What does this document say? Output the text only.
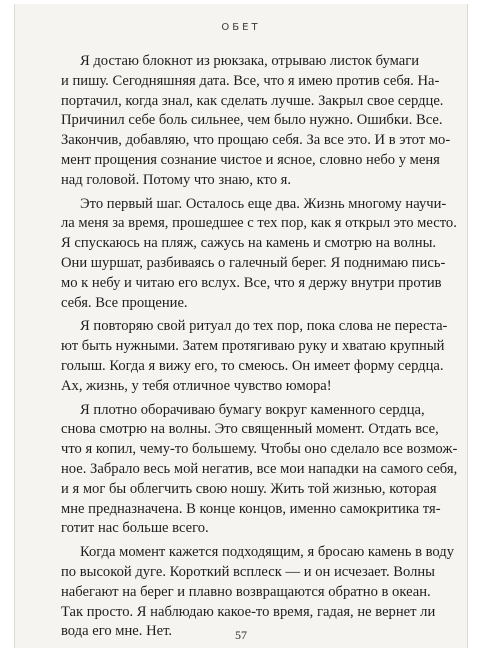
ОБЕТ

Я достаю блокнот из рюкзака, отрываю листок бумаги
и пишу. Сегодняшняя дата. Все, что я имею против себя. На-
портачил, когда знал, как сделать лучше. Закрыл свое сердце.
Причинил себе боль сильнее, чем было нужно. Ошибки. Все.
Закончив, добавляю, что прощаю себя. За все это. И в этот мо-
мент прощения сознание чистое и ясное, словно небо у меня
над головой. Потому что знаю, кто я.

Это первый шаг. Осталось еще два. Жизнь многому научи-
ла меня за время, прошедшее с тех пор, как я открыл это место.
Я спускаюсь на пляж, сажусь на камень и смотрю на волны.
Они шуршат, разбиваясь о галечный берег. Я поднимаю пись-
мо к небу и читаю его вслух. Все, что я держу внутри против
себя. Все прощение.

Я повторяю свой ритуал до тех пор, пока слова не переста-
ют быть нужными. Затем протягиваю руку и хватаю крупный
голыш. Когда я вижу его, то смеюсь. Он имеет форму сердца.
Ах, жизнь, у тебя отличное чувство юмора!

Я плотно оборачиваю бумагу вокруг каменного сердца,
снова смотрю на волны. Это священный момент. Отдать все,
что я копил, чему-то большему. Чтобы оно сделало все возмож-
ное. Забрало весь мой негатив, все мои нападки на самого себя,
и я мог бы облегчить свою ношу. Жить той жизнью, которая
мне предназначена. В конце концов, именно самокритика тя-
готит нас больше всего.

Когда момент кажется подходящим, я бросаю камень в воду
по высокой дуге. Короткий всплеск — и он исчезает. Волны
набегают на берег и плавно возвращаются обратно в океан.
Так просто. Я наблюдаю какое-то время, гадая, не вернет ли
вода его мне. Нет.	57
